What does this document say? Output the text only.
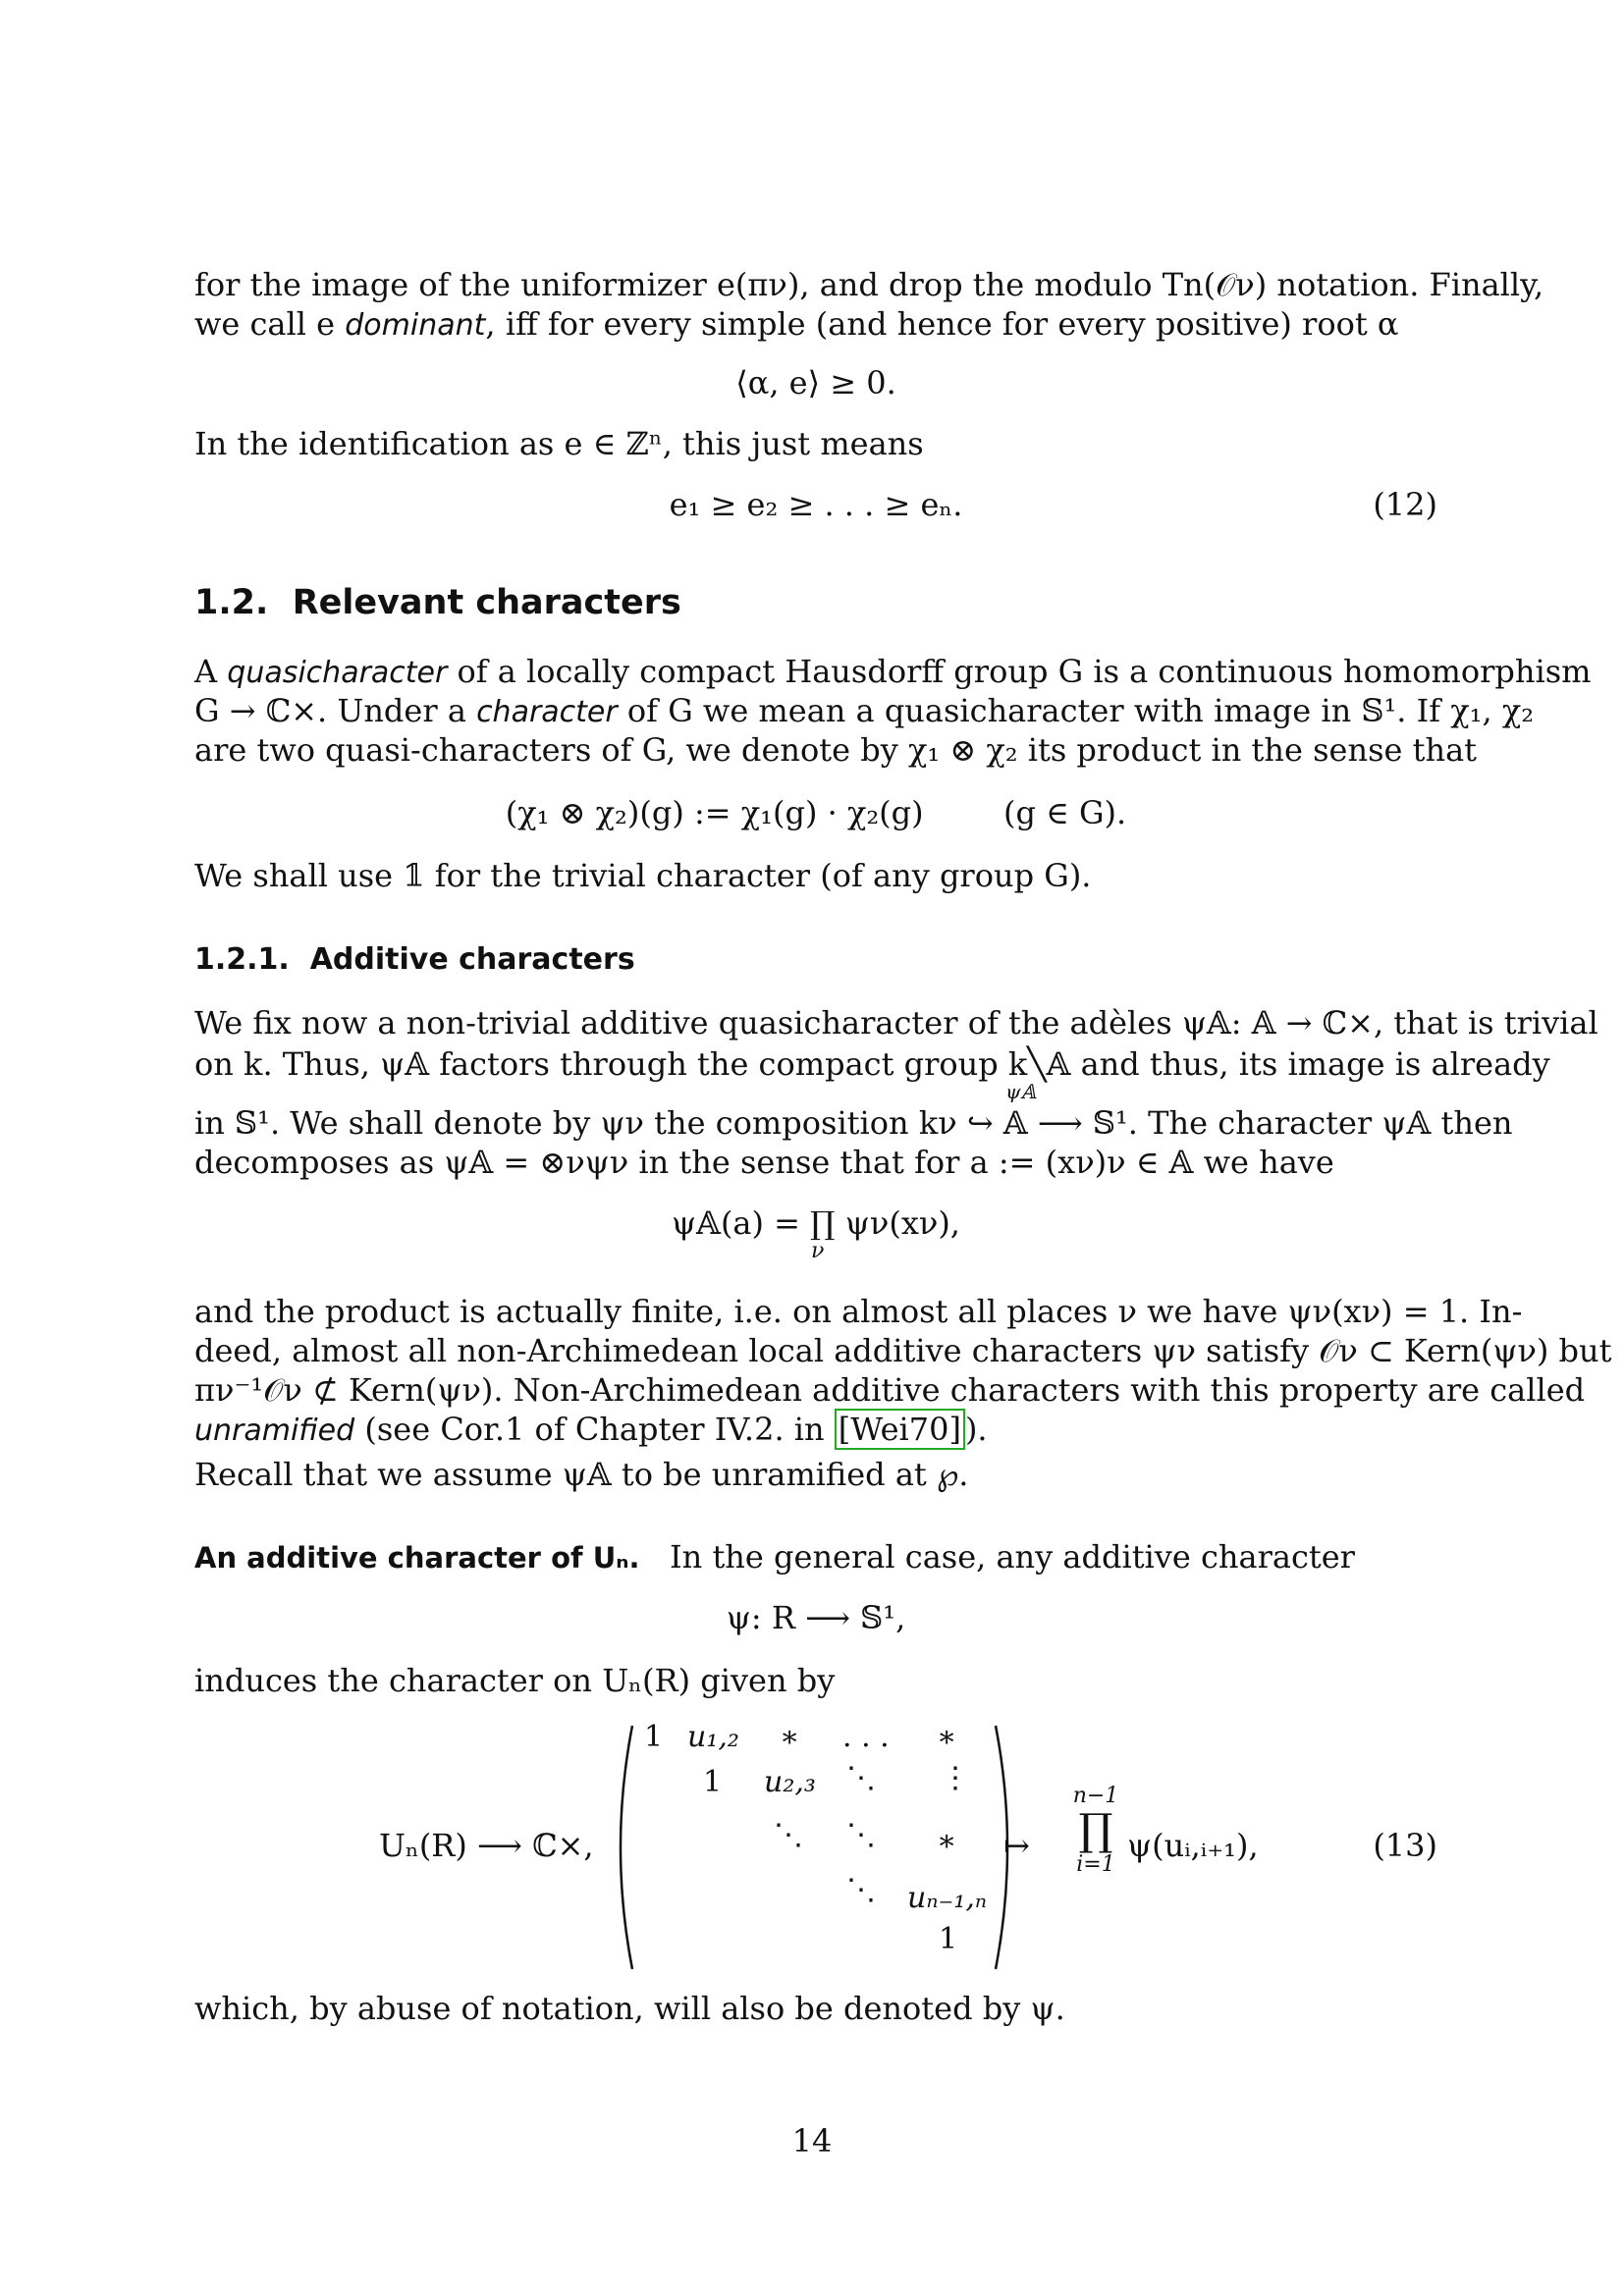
for the image of the uniformizer e(πν), and drop the modulo Tn(𝒪ν) notation. Finally,
we call e dominant, iff for every simple (and hence for every positive) root α
⟨α, e⟩ ≥ 0.
In the identification as e ∈ ℤⁿ, this just means
e₁ ≥ e₂ ≥ . . . ≥ eₙ.	(12)
1.2. Relevant characters
A quasicharacter of a locally compact Hausdorff group G is a continuous homomorphism
G → ℂ×. Under a character of G we mean a quasicharacter with image in 𝕊¹. If χ₁, χ₂
are two quasi-characters of G, we denote by χ₁ ⊗ χ₂ its product in the sense that
(χ₁ ⊗ χ₂)(g) := χ₁(g) · χ₂(g)        (g ∈ G).
We shall use 𝟙 for the trivial character (of any group G).
1.2.1. Additive characters
We fix now a non-trivial additive quasicharacter of the adèles ψ𝔸: 𝔸 → ℂ×, that is trivial
on k. Thus, ψ𝔸 factors through the compact group k╲𝔸 and thus, its image is already
in 𝕊¹. We shall denote by ψν the composition kν ↪ 𝔸 ⟶ 𝕊¹. The character ψ𝔸 then
ψ𝔸
decomposes as ψ𝔸 = ⊗νψν in the sense that for a := (xν)ν ∈ 𝔸 we have
ψ𝔸(a) = ∏ ψν(xν),
ν
and the product is actually finite, i.e. on almost all places ν we have ψν(xν) = 1. In-
deed, almost all non-Archimedean local additive characters ψν satisfy 𝒪ν ⊂ Kern(ψν) but
πν⁻¹𝒪ν ⊄ Kern(ψν). Non-Archimedean additive characters with this property are called
unramified (see Cor.1 of Chapter IV.2. in [Wei70] ).
Recall that we assume ψ𝔸 to be unramified at ℘.
An additive character of Uₙ. In the general case, any additive character
ψ: R ⟶ 𝕊¹,
induces the character on Uₙ(R) given by
Uₙ(R) ⟶ ℂ×,
1 u₁,₂ ∗ . . . ∗
1 u₂,₃ ⋱ ⋮
⋱ ⋱ ∗
⋱ uₙ₋₁,ₙ
1
↦
n−1
∏
i=1
ψ(uᵢ,ᵢ₊₁),	(13)
which, by abuse of notation, will also be denoted by ψ.
14
